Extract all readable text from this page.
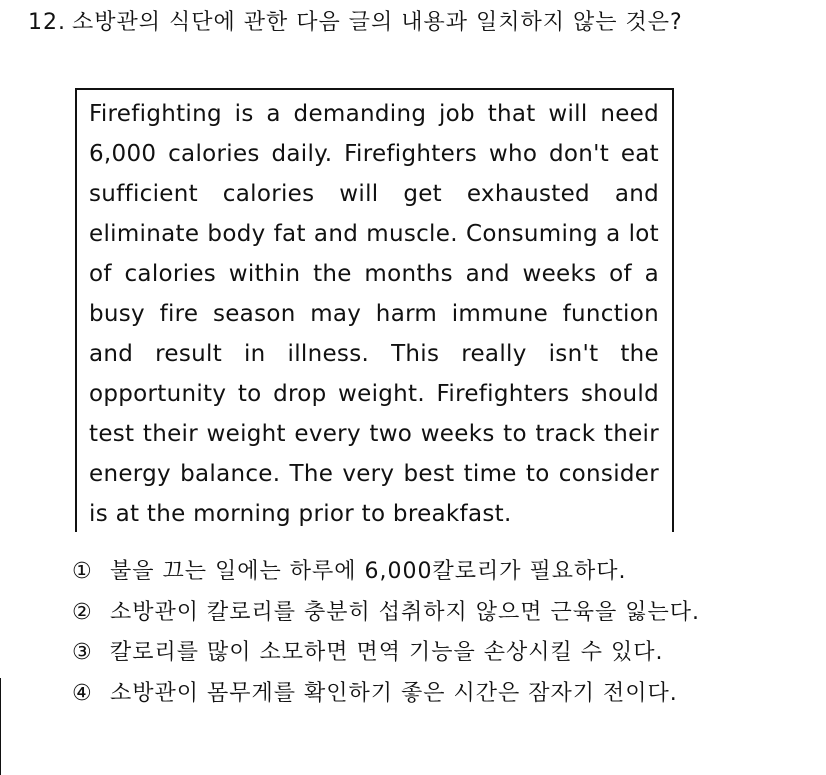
12. 소방관의 식단에 관한 다음 글의 내용과 일치하지 않는 것은?
Firefighting is a demanding job that will need 6,000 calories daily. Firefighters who don't eat sufficient calories will get exhausted and eliminate body fat and muscle. Consuming a lot of calories within the months and weeks of a busy fire season may harm immune function and result in illness. This really isn't the opportunity to drop weight. Firefighters should test their weight every two weeks to track their energy balance. The very best time to consider is at the morning prior to breakfast.
① 불을 끄는 일에는 하루에 6,000칼로리가 필요하다.
② 소방관이 칼로리를 충분히 섭취하지 않으면 근육을 잃는다.
③ 칼로리를 많이 소모하면 면역 기능을 손상시킬 수 있다.
④ 소방관이 몸무게를 확인하기 좋은 시간은 잠자기 전이다.
